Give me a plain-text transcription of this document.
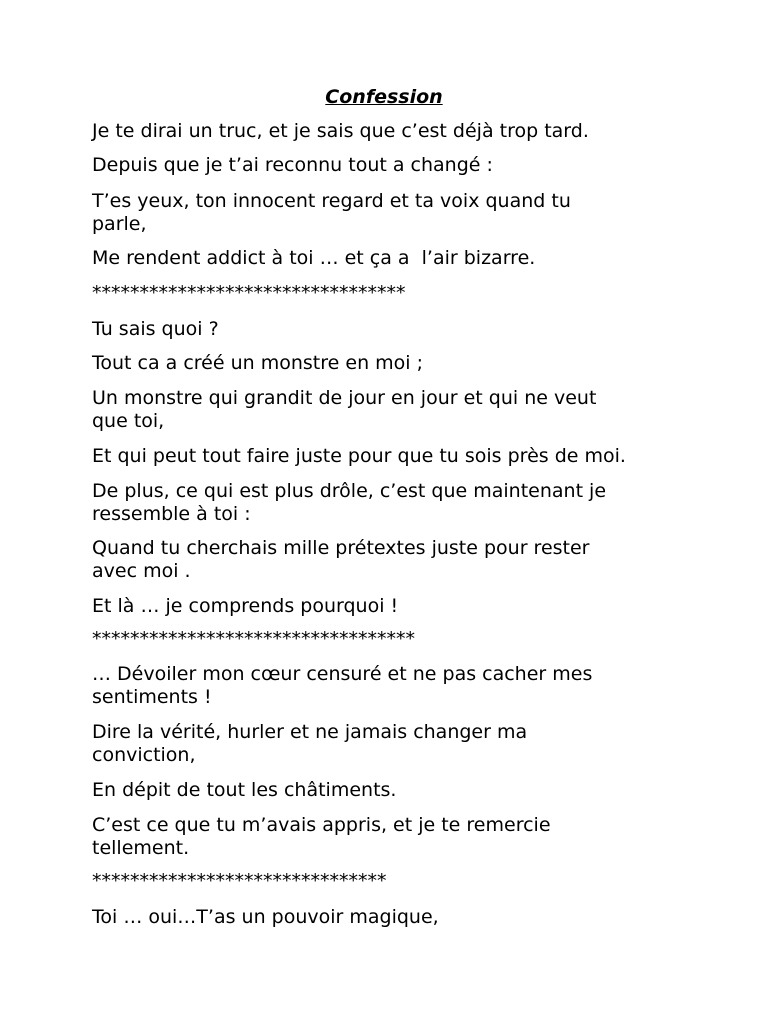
Confession

Je te dirai un truc, et je sais que c’est déjà trop tard.

Depuis que je t’ai reconnu tout a changé :

T’es yeux, ton innocent regard et ta voix quand tu
parle,

Me rendent addict à toi … et ça a  l’air bizarre.

*********************************

Tu sais quoi ?

Tout ca a créé un monstre en moi ;

Un monstre qui grandit de jour en jour et qui ne veut
que toi,

Et qui peut tout faire juste pour que tu sois près de moi.

De plus, ce qui est plus drôle, c’est que maintenant je
ressemble à toi :

Quand tu cherchais mille prétextes juste pour rester
avec moi .

Et là … je comprends pourquoi !

**********************************

… Dévoiler mon cœur censuré et ne pas cacher mes
sentiments !

Dire la vérité, hurler et ne jamais changer ma
conviction,

En dépit de tout les châtiments.

C’est ce que tu m’avais appris, et je te remercie
tellement.

*******************************

Toi … oui…T’as un pouvoir magique,
